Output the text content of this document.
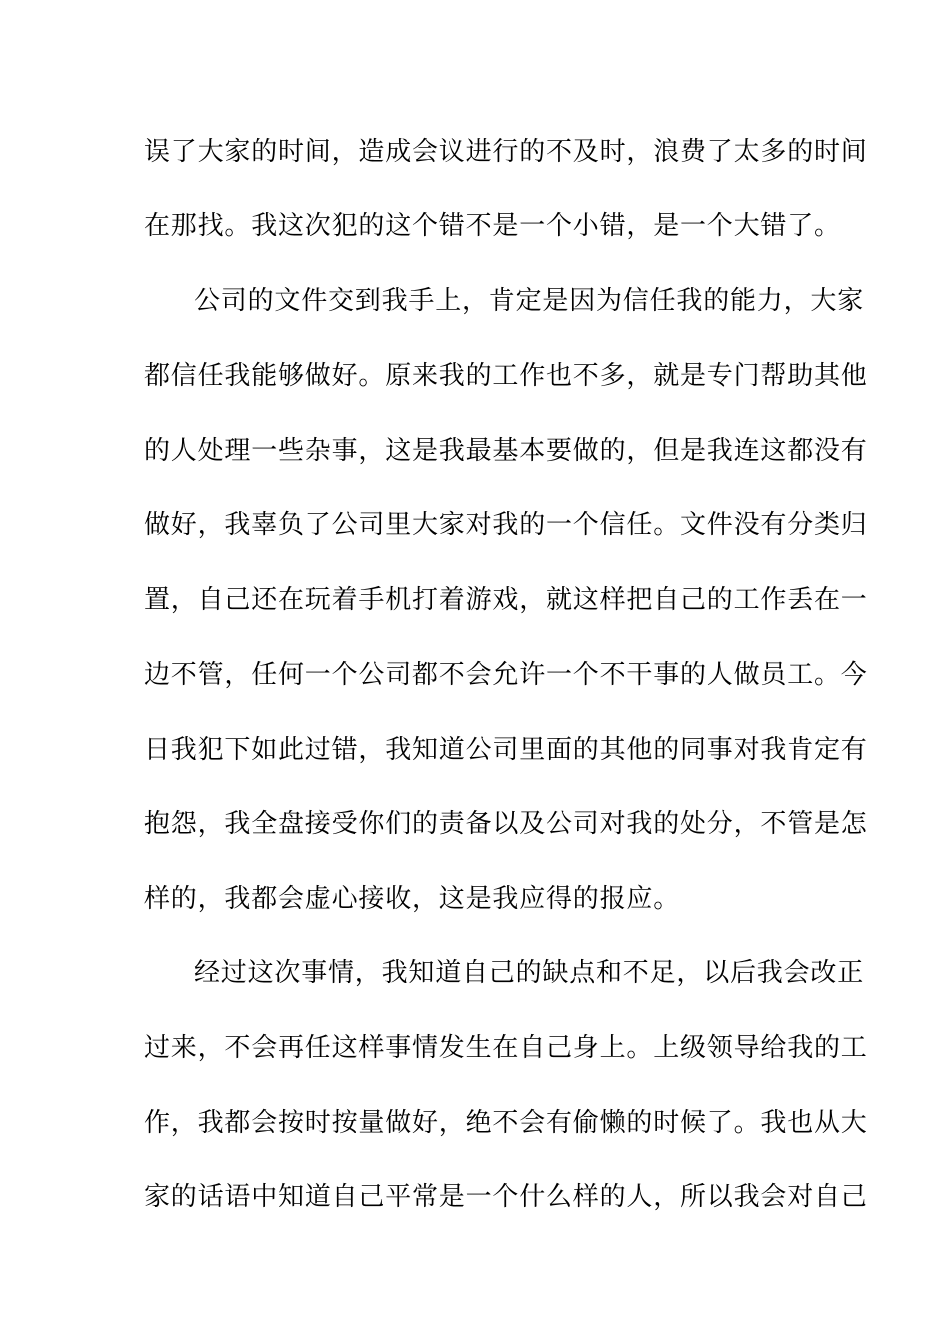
误了大家的时间，造成会议进行的不及时，浪费了太多的时间
在那找。我这次犯的这个错不是一个小错，是一个大错了。
公司的文件交到我手上，肯定是因为信任我的能力，大家
都信任我能够做好。原来我的工作也不多，就是专门帮助其他
的人处理一些杂事，这是我最基本要做的，但是我连这都没有
做好，我辜负了公司里大家对我的一个信任。文件没有分类归
置，自己还在玩着手机打着游戏，就这样把自己的工作丢在一
边不管，任何一个公司都不会允许一个不干事的人做员工。今
日我犯下如此过错，我知道公司里面的其他的同事对我肯定有
抱怨，我全盘接受你们的责备以及公司对我的处分，不管是怎
样的，我都会虚心接收，这是我应得的报应。
经过这次事情，我知道自己的缺点和不足，以后我会改正
过来，不会再任这样事情发生在自己身上。上级领导给我的工
作，我都会按时按量做好，绝不会有偷懒的时候了。我也从大
家的话语中知道自己平常是一个什么样的人，所以我会对自己
